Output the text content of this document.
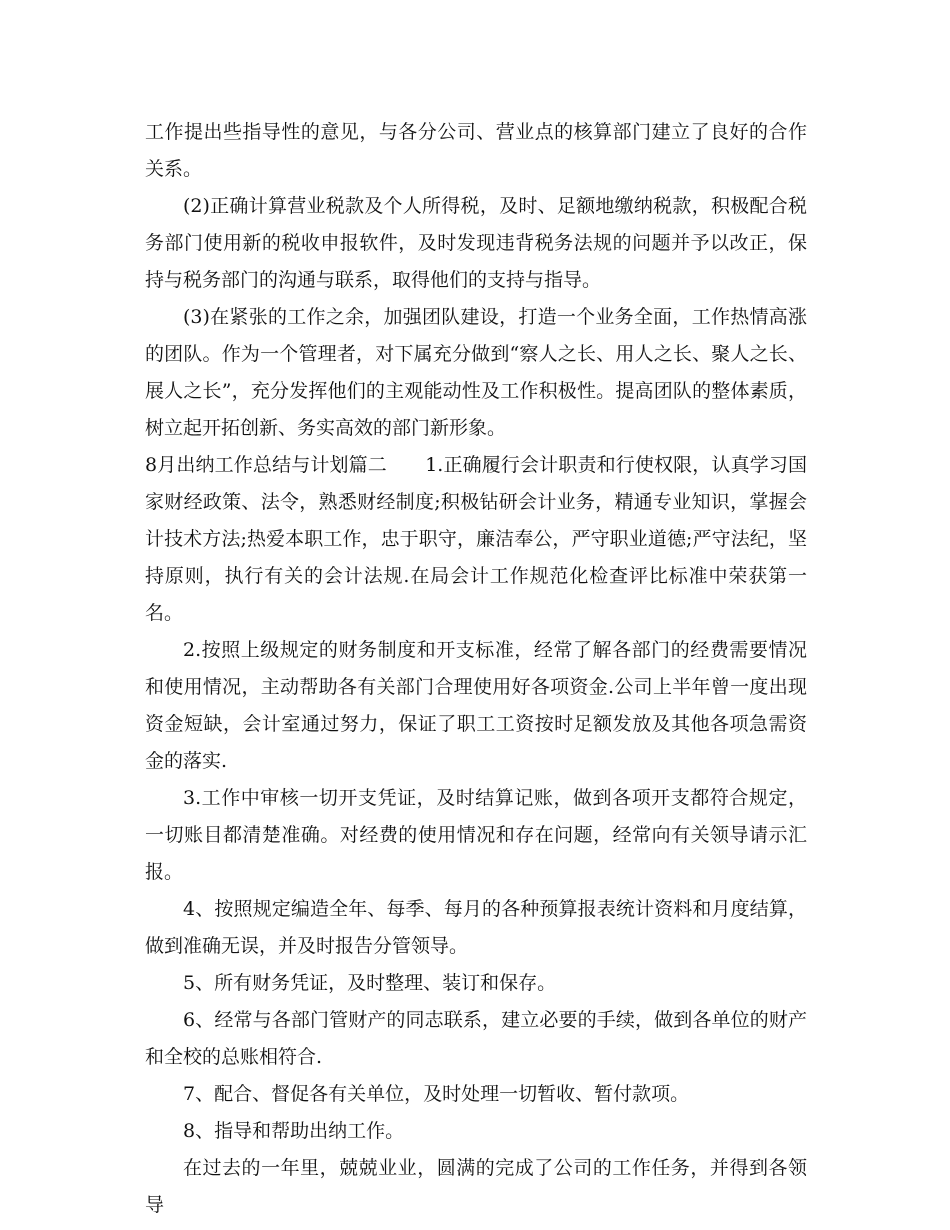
工作提出些指导性的意见，与各分公司、营业点的核算部门建立了良好的合作关系。

(2)正确计算营业税款及个人所得税，及时、足额地缴纳税款，积极配合税务部门使用新的税收申报软件，及时发现违背税务法规的问题并予以改正，保持与税务部门的沟通与联系，取得他们的支持与指导。

(3)在紧张的工作之余，加强团队建设，打造一个业务全面，工作热情高涨的团队。作为一个管理者，对下属充分做到“察人之长、用人之长、聚人之长、展人之长”，充分发挥他们的主观能动性及工作积极性。提高团队的整体素质，树立起开拓创新、务实高效的部门新形象。

8月出纳工作总结与计划篇二　　1.正确履行会计职责和行使权限，认真学习国家财经政策、法令，熟悉财经制度;积极钻研会计业务，精通专业知识，掌握会计技术方法;热爱本职工作，忠于职守，廉洁奉公，严守职业道德;严守法纪，坚持原则，执行有关的会计法规.在局会计工作规范化检查评比标准中荣获第一名。

2.按照上级规定的财务制度和开支标准，经常了解各部门的经费需要情况和使用情况，主动帮助各有关部门合理使用好各项资金.公司上半年曾一度出现资金短缺，会计室通过努力，保证了职工工资按时足额发放及其他各项急需资金的落实.

3.工作中审核一切开支凭证，及时结算记账，做到各项开支都符合规定，一切账目都清楚准确。对经费的使用情况和存在问题，经常向有关领导请示汇报。

4、按照规定编造全年、每季、每月的各种预算报表统计资料和月度结算，做到准确无误，并及时报告分管领导。

5、所有财务凭证，及时整理、装订和保存。

6、经常与各部门管财产的同志联系，建立必要的手续，做到各单位的财产和全校的总账相符合.

7、配合、督促各有关单位，及时处理一切暂收、暂付款项。

8、指导和帮助出纳工作。

在过去的一年里，兢兢业业，圆满的完成了公司的工作任务，并得到各领导
